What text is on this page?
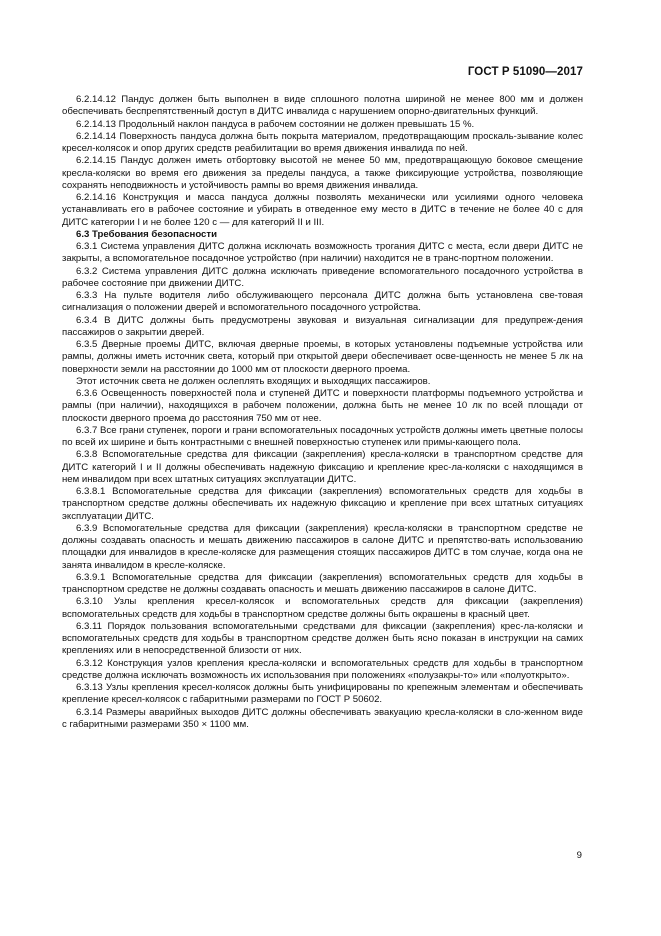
ГОСТ Р 51090—2017

6.2.14.12 Пандус должен быть выполнен в виде сплошного полотна шириной не менее 800 мм и должен обеспечивать беспрепятственный доступ в ДИТС инвалида с нарушением опорно-двигательных функций.

6.2.14.13 Продольный наклон пандуса в рабочем состоянии не должен превышать 15 %.

6.2.14.14 Поверхность пандуса должна быть покрыта материалом, предотвращающим проскаль-зывание колес кресел-колясок и опор других средств реабилитации во время движения инвалида по ней.

6.2.14.15 Пандус должен иметь отбортовку высотой не менее 50 мм, предотвращающую боковое смещение кресла-коляски во время его движения за пределы пандуса, а также фиксирующие устройства, позволяющие сохранять неподвижность и устойчивость рампы во время движения инвалида.

6.2.14.16 Конструкция и масса пандуса должны позволять механически или усилиями одного человека устанавливать его в рабочее состояние и убирать в отведенное ему место в ДИТС в течение не более 40 с для ДИТС категории I и не более 120 с — для категорий II и III.

6.3 Требования безопасности

6.3.1 Система управления ДИТС должна исключать возможность трогания ДИТС с места, если двери ДИТС не закрыты, а вспомогательное посадочное устройство (при наличии) находится не в транс-портном положении.

6.3.2 Система управления ДИТС должна исключать приведение вспомогательного посадочного устройства в рабочее состояние при движении ДИТС.

6.3.3 На пульте водителя либо обслуживающего персонала ДИТС должна быть установлена све-товая сигнализация о положении дверей и вспомогательного посадочного устройства.

6.3.4 В ДИТС должны быть предусмотрены звуковая и визуальная сигнализации для предупреж-дения пассажиров о закрытии дверей.

6.3.5 Дверные проемы ДИТС, включая дверные проемы, в которых установлены подъемные устройства или рампы, должны иметь источник света, который при открытой двери обеспечивает осве-щенность не менее 5 лк на поверхности земли на расстоянии до 1000 мм от плоскости дверного проема.

Этот источник света не должен ослеплять входящих и выходящих пассажиров.

6.3.6 Освещенность поверхностей пола и ступеней ДИТС и поверхности платформы подъемного устройства и рампы (при наличии), находящихся в рабочем положении, должна быть не менее 10 лк по всей площади от плоскости дверного проема до расстояния 750 мм от нее.

6.3.7 Все грани ступенек, пороги и грани вспомогательных посадочных устройств должны иметь цветные полосы по всей их ширине и быть контрастными с внешней поверхностью ступенек или примы-кающего пола.

6.3.8 Вспомогательные средства для фиксации (закрепления) кресла-коляски в транспортном средстве для ДИТС категорий I и II должны обеспечивать надежную фиксацию и крепление крес-ла-коляски с находящимся в нем инвалидом при всех штатных ситуациях эксплуатации ДИТС.

6.3.8.1 Вспомогательные средства для фиксации (закрепления) вспомогательных средств для ходьбы в транспортном средстве должны обеспечивать их надежную фиксацию и крепление при всех штатных ситуациях эксплуатации ДИТС.

6.3.9 Вспомогательные средства для фиксации (закрепления) кресла-коляски в транспортном средстве не должны создавать опасность и мешать движению пассажиров в салоне ДИТС и препятство-вать использованию площадки для инвалидов в кресле-коляске для размещения стоящих пассажиров ДИТС в том случае, когда она не занята инвалидом в кресле-коляске.

6.3.9.1 Вспомогательные средства для фиксации (закрепления) вспомогательных средств для ходьбы в транспортном средстве не должны создавать опасность и мешать движению пассажиров в салоне ДИТС.

6.3.10 Узлы крепления кресел-колясок и вспомогательных средств для фиксации (закрепления) вспомогательных средств для ходьбы в транспортном средстве должны быть окрашены в красный цвет.

6.3.11 Порядок пользования вспомогательными средствами для фиксации (закрепления) крес-ла-коляски и вспомогательных средств для ходьбы в транспортном средстве должен быть ясно показан в инструкции на самих креплениях или в непосредственной близости от них.

6.3.12 Конструкция узлов крепления кресла-коляски и вспомогательных средств для ходьбы в транспортном средстве должна исключать возможность их использования при положениях «полузакры-то» или «полуоткрыто».

6.3.13 Узлы крепления кресел-колясок должны быть унифицированы по крепежным элементам и обеспечивать крепление кресел-колясок с габаритными размерами по ГОСТ Р 50602.

6.3.14 Размеры аварийных выходов ДИТС должны обеспечивать эвакуацию кресла-коляски в сло-женном виде с габаритными размерами 350 × 1100 мм.

9
